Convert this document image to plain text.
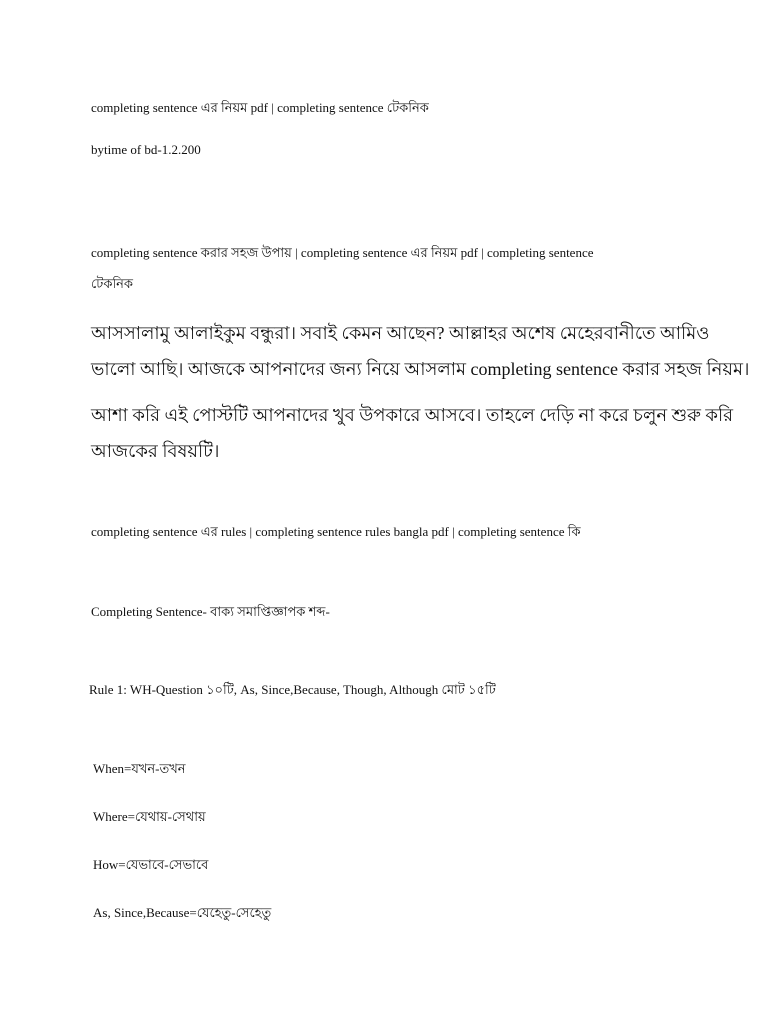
completing sentence এর নিয়ম pdf | completing sentence টেকনিক
bytime of bd-1.2.200
completing sentence করার সহজ উপায় | completing sentence এর নিয়ম pdf | completing sentence
টেকনিক
আসসালামু আলাইকুম বন্ধুরা। সবাই কেমন আছেন? আল্লাহর অশেষ মেহেরবানীতে আমিও
ভালো আছি। আজকে আপনাদের জন্য নিয়ে আসলাম completing sentence করার সহজ নিয়ম।
আশা করি এই পোস্টটি আপনাদের খুব উপকারে আসবে। তাহলে দেড়ি না করে চলুন শুরু করি
আজকের বিষয়টি।
completing sentence এর rules | completing sentence rules bangla pdf | completing sentence কি
Completing Sentence- বাক্য সমাপ্তিজ্ঞাপক শব্দ-
Rule 1: WH-Question ১০টি, As, Since,Because, Though, Although মোট ১৫টি
When=যখন-তখন
Where=যেথায়-সেথায়
How=যেভাবে-সেভাবে
As, Since,Because=যেহেতু-সেহেতু
